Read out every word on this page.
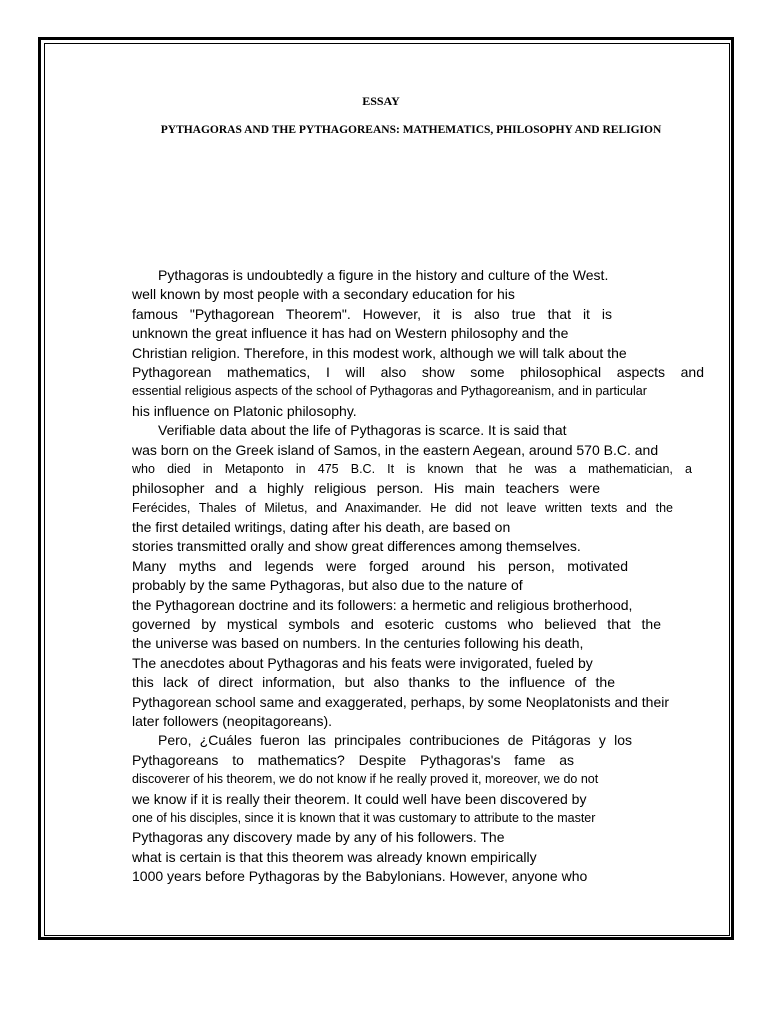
ESSAY
PYTHAGORAS AND THE PYTHAGOREANS: MATHEMATICS, PHILOSOPHY AND RELIGION
Pythagoras is undoubtedly a figure in the history and culture of the West.
well known by most people with a secondary education for his
famous "Pythagorean Theorem". However, it is also true that it is
unknown the great influence it has had on Western philosophy and the
Christian religion. Therefore, in this modest work, although we will talk about the
Pythagorean mathematics, I will also show some philosophical aspects and
essential religious aspects of the school of Pythagoras and Pythagoreanism, and in particular
his influence on Platonic philosophy.
Verifiable data about the life of Pythagoras is scarce. It is said that
was born on the Greek island of Samos, in the eastern Aegean, around 570 B.C. and
who died in Metaponto in 475 B.C. It is known that he was a mathematician, a
philosopher and a highly religious person. His main teachers were
Ferécides, Thales of Miletus, and Anaximander. He did not leave written texts and the
the first detailed writings, dating after his death, are based on
stories transmitted orally and show great differences among themselves.
Many myths and legends were forged around his person, motivated
probably by the same Pythagoras, but also due to the nature of
the Pythagorean doctrine and its followers: a hermetic and religious brotherhood,
governed by mystical symbols and esoteric customs who believed that the
the universe was based on numbers. In the centuries following his death,
The anecdotes about Pythagoras and his feats were invigorated, fueled by
this lack of direct information, but also thanks to the influence of the
Pythagorean school same and exaggerated, perhaps, by some Neoplatonists and their
later followers (neopitagoreans).
Pero, ¿Cuáles fueron las principales contribuciones de Pitágoras y los
Pythagoreans to mathematics? Despite Pythagoras's fame as
discoverer of his theorem, we do not know if he really proved it, moreover, we do not
we know if it is really their theorem. It could well have been discovered by
one of his disciples, since it is known that it was customary to attribute to the master
Pythagoras any discovery made by any of his followers. The
what is certain is that this theorem was already known empirically
1000 years before Pythagoras by the Babylonians. However, anyone who
